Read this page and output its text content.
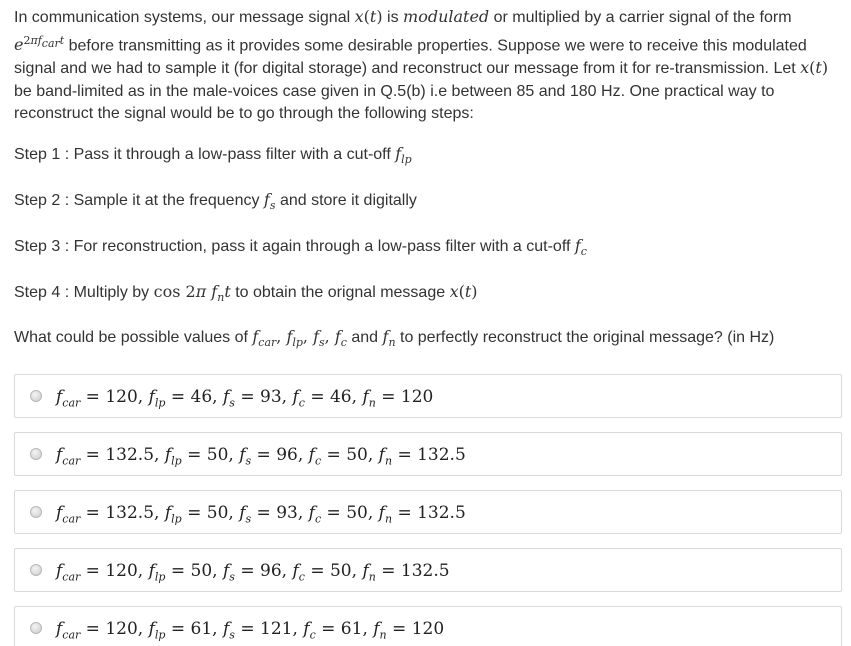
In communication systems, our message signal x(t) is modulated or multiplied by a carrier signal of the form $e^{2\pi f_{car}t}$ before transmitting as it provides some desirable properties. Suppose we were to receive this modulated signal and we had to sample it (for digital storage) and reconstruct our message from it for re-transmission. Let x(t) be band-limited as in the male-voices case given in Q.5(b) i.e between 85 and 180 Hz. One practical way to reconstruct the signal would be to go through the following steps:

Step 1 : Pass it through a low-pass filter with a cut-off $f_{lp}$
Step 2 : Sample it at the frequency $f_s$ and store it digitally
Step 3 : For reconstruction, pass it again through a low-pass filter with a cut-off $f_c$
Step 4 : Multiply by cos 2π $f_nt$ to obtain the orignal message x(t)
What could be possible values of $f_{car}$, $f_{lp}$, $f_s$, $f_c$ and $f_n$ to perfectly reconstruct the original message? (in Hz)
$f_{car} = 120$, $f_{lp} = 46$, $f_s = 93$, $f_c = 46$, $f_n = 120$
$f_{car} = 132.5$, $f_{lp} = 50$, $f_s = 96$, $f_c = 50$, $f_n = 132.5$
$f_{car} = 132.5$, $f_{lp} = 50$, $f_s = 93$, $f_c = 50$, $f_n = 132.5$
$f_{car} = 120$, $f_{lp} = 50$, $f_s = 96$, $f_c = 50$, $f_n = 132.5$
$f_{car} = 120$, $f_{lp} = 61$, $f_s = 121$, $f_c = 61$, $f_n = 120$
